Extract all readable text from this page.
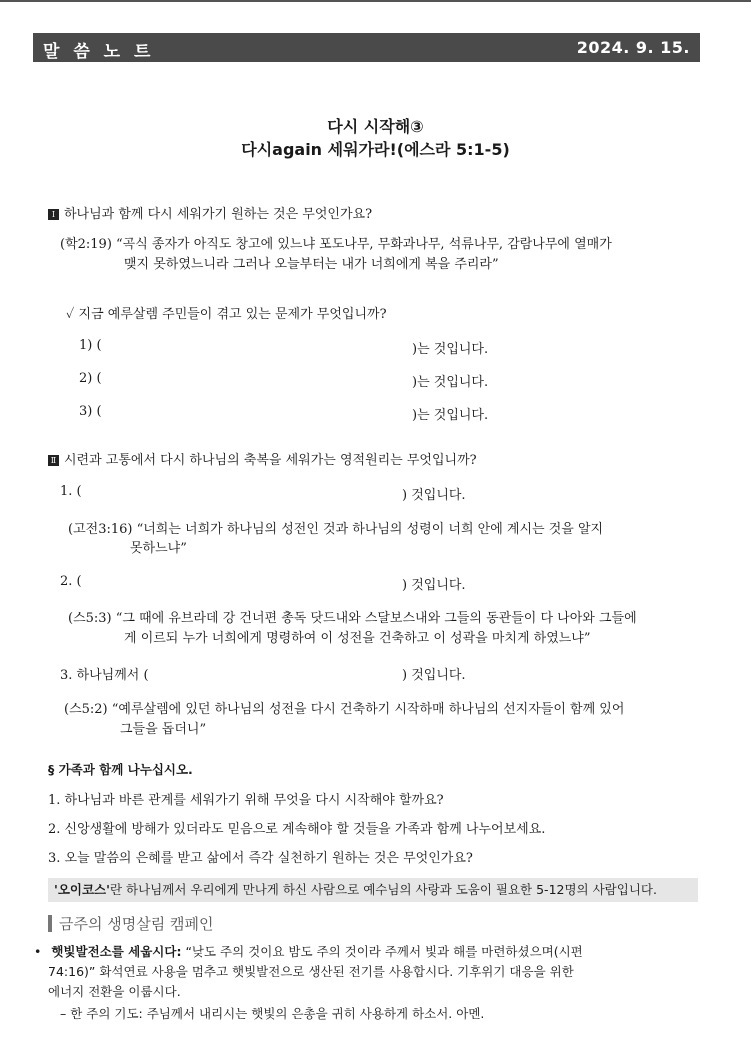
말 씀 노 트	2024. 9. 15.
다시 시작해③
다시again 세워가라!(에스라 5:1-5)
Ⅰ 하나님과 함께 다시 세워가기 원하는 것은 무엇인가요?
(학2:19) “곡식 종자가 아직도 창고에 있느냐 포도나무, 무화과나무, 석류나무, 감람나무에 열매가
맺지 못하였느니라 그러나 오늘부터는 내가 너희에게 복을 주리라”
✓ 지금 예루살렘 주민들이 겪고 있는 문제가 무엇입니까?
1) (	)는 것입니다.
2) (	)는 것입니다.
3) (	)는 것입니다.
Ⅱ 시련과 고통에서 다시 하나님의 축복을 세워가는 영적원리는 무엇입니까?
1. (	) 것입니다.
(고전3:16) “너희는 너희가 하나님의 성전인 것과 하나님의 성령이 너희 안에 계시는 것을 알지
못하느냐”
2. (	) 것입니다.
(스5:3) “그 때에 유브라데 강 건너편 총독 닷드내와 스달보스내와 그들의 동관들이 다 나아와 그들에
게 이르되 누가 너희에게 명령하여 이 성전을 건축하고 이 성곽을 마치게 하였느냐”
3. 하나님께서 (	) 것입니다.
(스5:2) “예루살렘에 있던 하나님의 성전을 다시 건축하기 시작하매 하나님의 선지자들이 함께 있어
그들을 돕더니”
§ 가족과 함께 나누십시오.
1. 하나님과 바른 관계를 세워가기 위해 무엇을 다시 시작해야 할까요?
2. 신앙생활에 방해가 있더라도 믿음으로 계속해야 할 것들을 가족과 함께 나누어보세요.
'오이코스'란 하나님께서 우리에게 만나게 하신 사람으로 예수님의 사랑과 도움이 필요한 5-12명의 사람입니다.
3. 오늘 말씀의 은혜를 받고 삶에서 즉각 실천하기 원하는 것은 무엇인가요?
금주의 생명살림 캠페인
• 햇빛발전소를 세웁시다: “낮도 주의 것이요 밤도 주의 것이라 주께서 빛과 해를 마련하셨으며(시편
74:16)” 화석연료 사용을 멈추고 햇빛발전으로 생산된 전기를 사용합시다. 기후위기 대응을 위한
에너지 전환을 이룹시다.
– 한 주의 기도: 주님께서 내리시는 햇빛의 은총을 귀히 사용하게 하소서. 아멘.
